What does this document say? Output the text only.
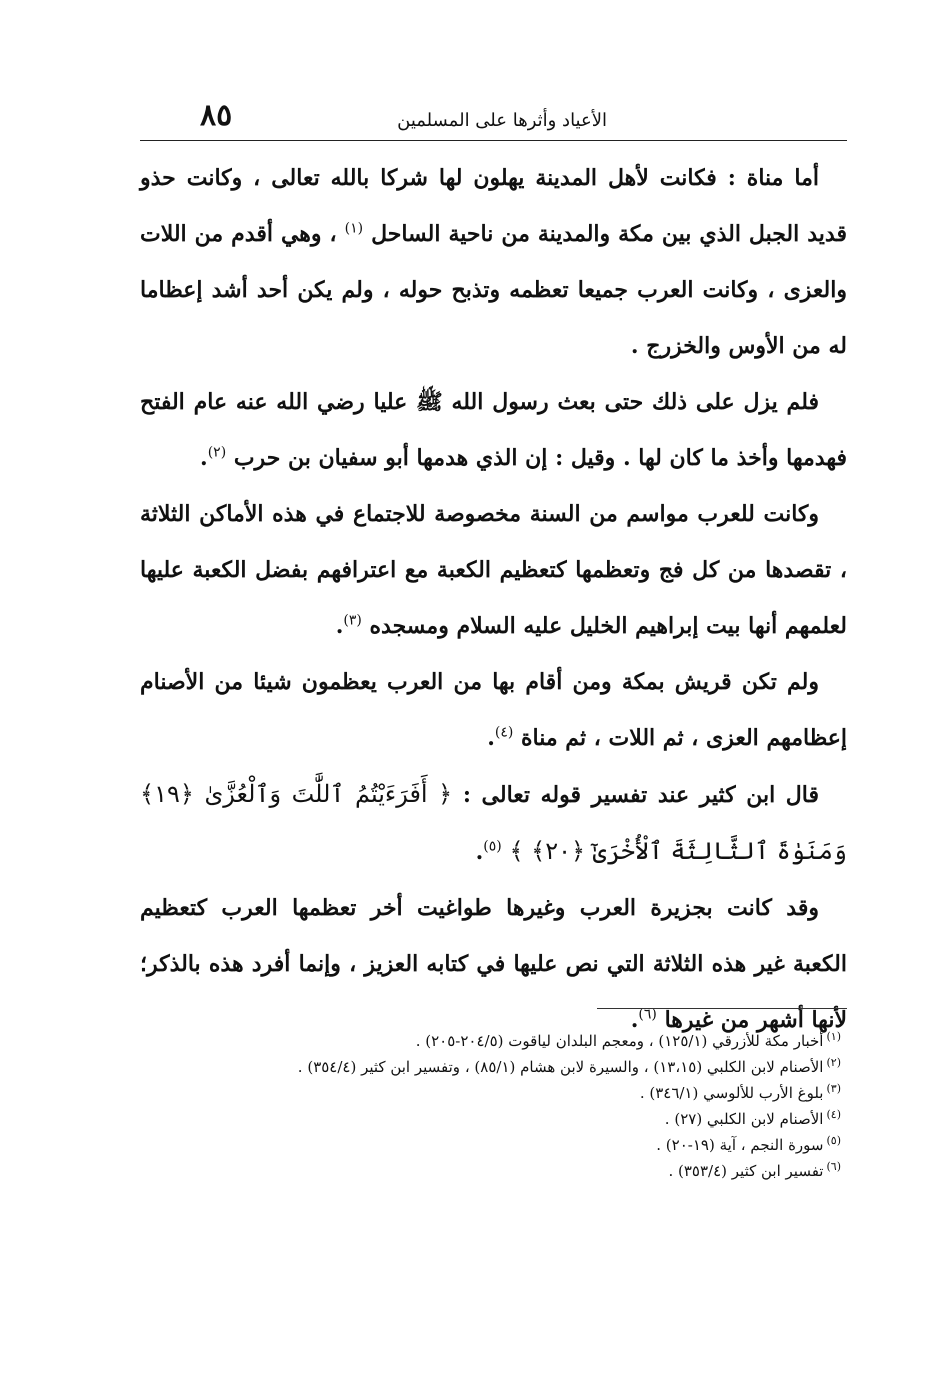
الأعياد وأثرها على المسلمين
٨٥

أما مناة : فكانت لأهل المدينة يهلون لها شركا بالله تعالى ، وكانت حذو قديد الجبل الذي بين مكة والمدينة من ناحية الساحل $^{(١)}$ ، وهي أقدم من اللات والعزى ، وكانت العرب جميعا تعظمه وتذبح حوله ، ولم يكن أحد أشد إعظاما له من الأوس والخزرج .

فلم يزل على ذلك حتى بعث رسول الله ﷺ عليا رضي الله عنه عام الفتح فهدمها وأخذ ما كان لها . وقيل : إن الذي هدمها أبو سفيان بن حرب $^{(٢)}$.

وكانت للعرب مواسم من السنة مخصوصة للاجتماع في هذه الأماكن الثلاثة ، تقصدها من كل فج وتعظمها كتعظيم الكعبة مع اعترافهم بفضل الكعبة عليها لعلمهم أنها بيت إبراهيم الخليل عليه السلام ومسجده $^{(٣)}$.

ولم تكن قريش بمكة ومن أقام بها من العرب يعظمون شيئا من الأصنام إعظامهم العزى ، ثم اللات ، ثم مناة $^{(٤)}$.

قال ابن كثير عند تفسير قوله تعالى : ﴿ أَفَرَءَيْتُمُ ٱللَّٰتَ وَٱلْعُزَّىٰ ﴿١٩﴾ وَمَنَوٰةَ ٱلثَّالِثَةَ ٱلْأُخْرَىٰٓ ﴿٢٠﴾ ﴾ $^{(٥)}$.

وقد كانت بجزيرة العرب وغيرها طواغيت أخر تعظمها العرب كتعظيم الكعبة غير هذه الثلاثة التي نص عليها في كتابه العزيز ، وإنما أفرد هذه بالذكر؛ لأنها أشهر من غيرها $^{(٦)}$.

$^{(١)}$أخبار مكة للأزرقي (١٢٥/١) ، ومعجم البلدان لياقوت (٢٠٤/٥-٢٠٥) .
$^{(٢)}$الأصنام لابن الكلبي (١٣،١٥) ، والسيرة لابن هشام (٨٥/١) ، وتفسير ابن كثير (٣٥٤/٤) .
$^{(٣)}$بلوغ الأرب للألوسي (٣٤٦/١) .
$^{(٤)}$الأصنام لابن الكلبي (٢٧) .
$^{(٥)}$سورة النجم ، آية (١٩-٢٠) .
$^{(٦)}$تفسير ابن كثير (٣٥٣/٤) .
